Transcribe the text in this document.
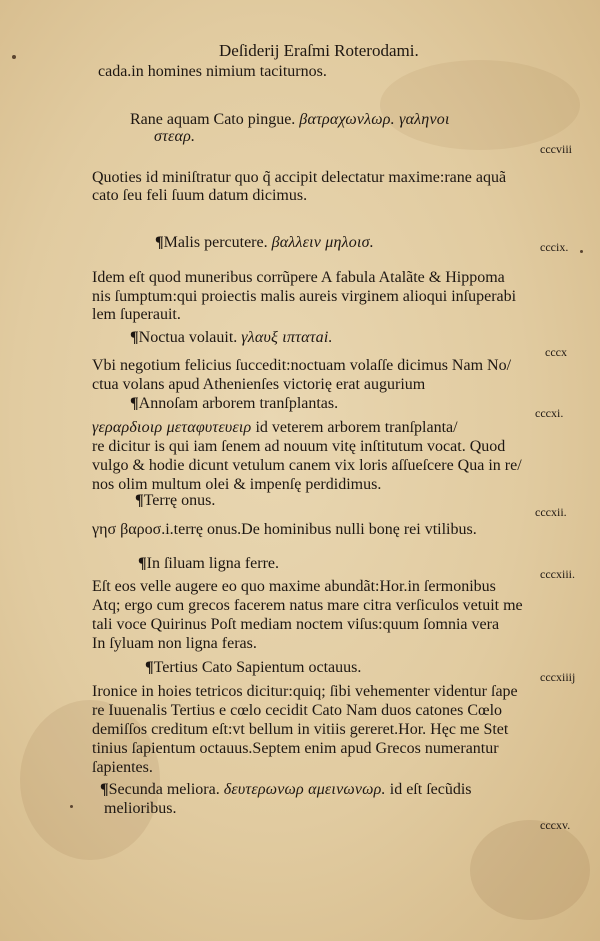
Deſiderij Eraſmi Roterodami.
cada.in homines nimium taciturnos.
Rane aquam Cato pingue. βατραχωνλωρ. γαληνοι
στεαρ.
cccviii
Quoties id miniſtratur quo q̃ accipit delectatur maxime:rane aquã
cato ſeu feli ſuum datum dicimus.
¶Malis percutere. βαλλειν μηλοισ.	cccix.
Idem eſt quod muneribus corrũpere A fabula Atalãte & Hippoma
nis ſumptum:qui proiectis malis aureis virginem alioqui inſuperabi
lem ſuperauit.
¶Noctua volauit. γλαυξ ιπτατai.
cccx
Vbi negotium felicius ſuccedit:noctuam volaſſe dicimus Nam No/
ctua volans apud Athenienſes victorię erat augurium
¶Annoſam arborem tranſplantas.
cccxi.
γεραρδιοιρ μεταφυτευειρ id veterem arborem tranſplanta/
re dicitur is qui iam ſenem ad nouum vitę inſtitutum vocat. Quod
vulgo & hodie dicunt vetulum canem vix loris aſſueſcere Qua in re/
nos olim multum olei & impenſę perdidimus.
¶Terrę onus.
cccxii.
γησ βαροσ.i.terrę onus.De hominibus nulli bonę rei vtilibus.
¶In ſiluam ligna ferre.
cccxiii.
Eſt eos velle augere eo quo maxime abundãt:Hor.in ſermonibus
Atq; ergo cum grecos facerem natus mare citra verſiculos vetuit me
tali voce Quirinus Poſt mediam noctem viſus:quum ſomnia vera
In ſyluam non ligna feras.
¶Tertius Cato Sapientum octauus.
cccxiiij
Ironice in hoies tetricos dicitur:quiq; ſibi vehementer videntur ſape
re Iuuenalis Tertius e cœlo cecidit Cato Nam duos catones Cœlo
demiſſos creditum eſt:vt bellum in vitiis gereret.Hor. Hęc me Stet
tinius ſapientum octauus.Septem enim apud Grecos numerantur
ſapientes.
¶Secunda meliora. δευτερωνωρ αμεινωνωρ. id eſt ſecũdis
melioribus.
cccxv.
